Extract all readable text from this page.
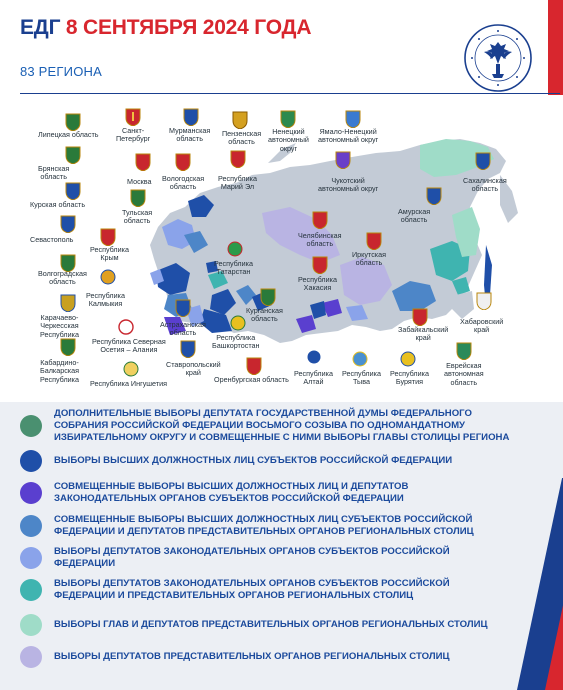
ЕДГ 8 СЕНТЯБРЯ 2024 ГОДА
83 РЕГИОНА
Липецкая область	Санкт-
Петербург
Мурманская
область
Пензенская
область
Ненецкий
автономный
округ
Ямало-Ненецкий
автономный округ
Брянская
область
Москва Вологодская
область
Республика
Марий Эл
Чукотский
автономный округ
Сахалинская
область
Курская область
Тульская
область
Амурская
область
Севастополь
Республика
Крым
Челябинская
область
Иркутская
область
Волгоградская
область
Республика
Калмыкия
Республика
Татарстан
Республика
Хакасия
Курганская
область
Карачаево-
Черкесская
Республика
Астраханская
область
Хабаровский
край
Забайкальский
край
Республика
Башкортостан
Республика Северная
Осетия – Алания
Кабардино-
Балкарская
Республика
Ставропольский
край
Еврейская
автономная
область
Оренбургская область
Республика Ингушетия
Республика
Алтай
Республика
Тыва
Республика
Бурятия
ДОПОЛНИТЕЛЬНЫЕ ВЫБОРЫ ДЕПУТАТА ГОСУДАРСТВЕННОЙ ДУМЫ ФЕДЕРАЛЬНОГО СОБРАНИЯ РОССИЙСКОЙ ФЕДЕРАЦИИ ВОСЬМОГО СОЗЫВА ПО ОДНОМАНДАТНОМУ ИЗБИРАТЕЛЬНОМУ ОКРУГУ И СОВМЕЩЕННЫЕ С НИМИ ВЫБОРЫ ГЛАВЫ СТОЛИЦЫ РЕГИОНА
ВЫБОРЫ ВЫСШИХ ДОЛЖНОСТНЫХ ЛИЦ СУБЪЕКТОВ РОССИЙСКОЙ ФЕДЕРАЦИИ
СОВМЕЩЕННЫЕ ВЫБОРЫ ВЫСШИХ ДОЛЖНОСТНЫХ ЛИЦ И ДЕПУТАТОВ ЗАКОНОДАТЕЛЬНЫХ ОРГАНОВ СУБЪЕКТОВ РОССИЙСКОЙ ФЕДЕРАЦИИ
СОВМЕЩЕННЫЕ ВЫБОРЫ ВЫСШИХ ДОЛЖНОСТНЫХ ЛИЦ СУБЪЕКТОВ РОССИЙСКОЙ ФЕДЕРАЦИИ И ДЕПУТАТОВ ПРЕДСТАВИТЕЛЬНЫХ ОРГАНОВ РЕГИОНАЛЬНЫХ СТОЛИЦ
ВЫБОРЫ ДЕПУТАТОВ ЗАКОНОДАТЕЛЬНЫХ ОРГАНОВ СУБЪЕКТОВ РОССИЙСКОЙ ФЕДЕРАЦИИ
ВЫБОРЫ ДЕПУТАТОВ ЗАКОНОДАТЕЛЬНЫХ ОРГАНОВ СУБЪЕКТОВ РОССИЙСКОЙ ФЕДЕРАЦИИ И ПРЕДСТАВИТЕЛЬНЫХ ОРГАНОВ РЕГИОНАЛЬНЫХ СТОЛИЦ
ВЫБОРЫ ГЛАВ И ДЕПУТАТОВ ПРЕДСТАВИТЕЛЬНЫХ ОРГАНОВ РЕГИОНАЛЬНЫХ СТОЛИЦ
ВЫБОРЫ ДЕПУТАТОВ ПРЕДСТАВИТЕЛЬНЫХ ОРГАНОВ РЕГИОНАЛЬНЫХ СТОЛИЦ
